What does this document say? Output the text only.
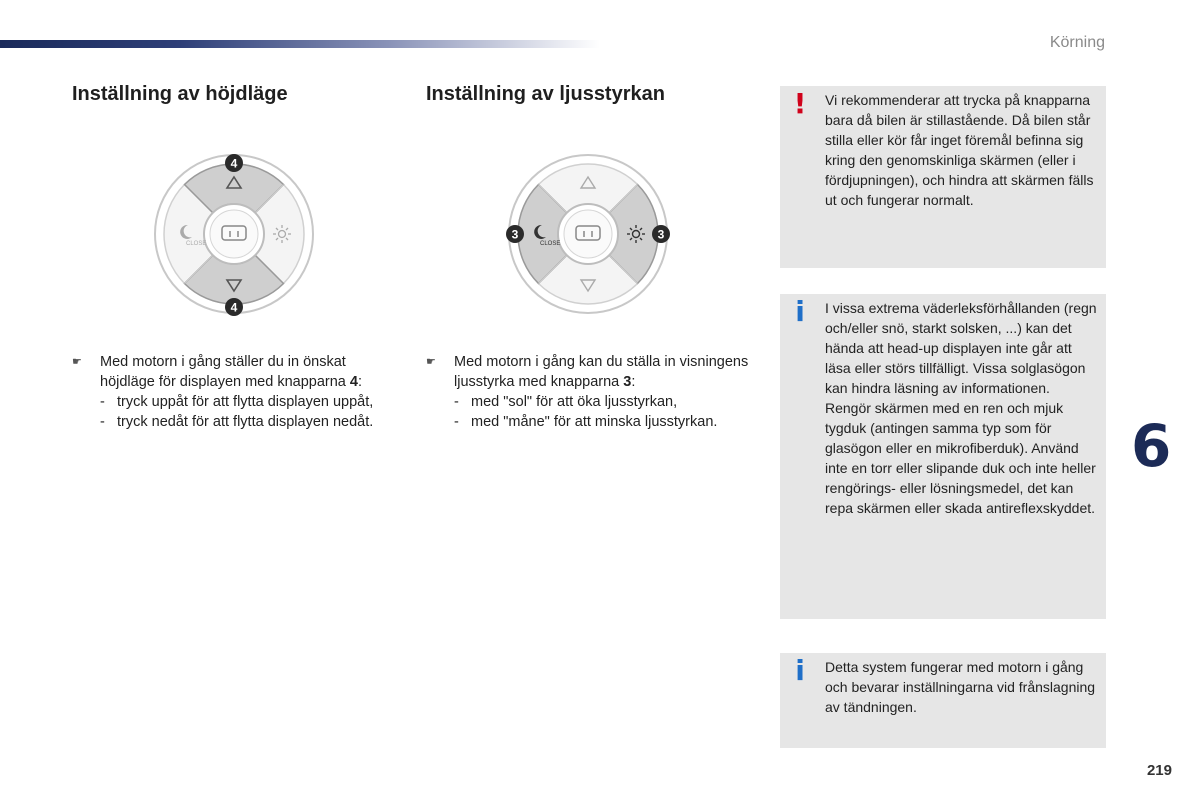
Körning
Inställning av höjdläge	Inställning av ljusstyrkan
CLOSE
4
4
CLOSE
3	3
☛ Med motorn i gång ställer du in önskat höjdläge för displayen med knapparna 4:
- tryck uppåt för att flytta displayen uppåt,
- tryck nedåt för att flytta displayen nedåt.
☛ Med motorn i gång kan du ställa in visningens ljusstyrka med knapparna 3:
- med "sol" för att öka ljusstyrkan,
- med "måne" för att minska ljusstyrkan.
! Vi rekommenderar att trycka på knapparna bara då bilen är stillastående. Då bilen står stilla eller kör får inget föremål befinna sig kring den genomskinliga skärmen (eller i fördjupningen), och hindra att skärmen fälls ut och fungerar normalt.
i I vissa extrema väderleksförhållanden (regn och/eller snö, starkt solsken, ...) kan det hända att head-up displayen inte går att läsa eller störs tillfälligt. Vissa solglasögon kan hindra läsning av informationen.
Rengör skärmen med en ren och mjuk tygduk (antingen samma typ som för glasögon eller en mikrofiberduk). Använd inte en torr eller slipande duk och inte heller rengörings- eller lösningsmedel, det kan repa skärmen eller skada antireflexskyddet.
i Detta system fungerar med motorn i gång och bevarar inställningarna vid frånslagning av tändningen.
6
219
